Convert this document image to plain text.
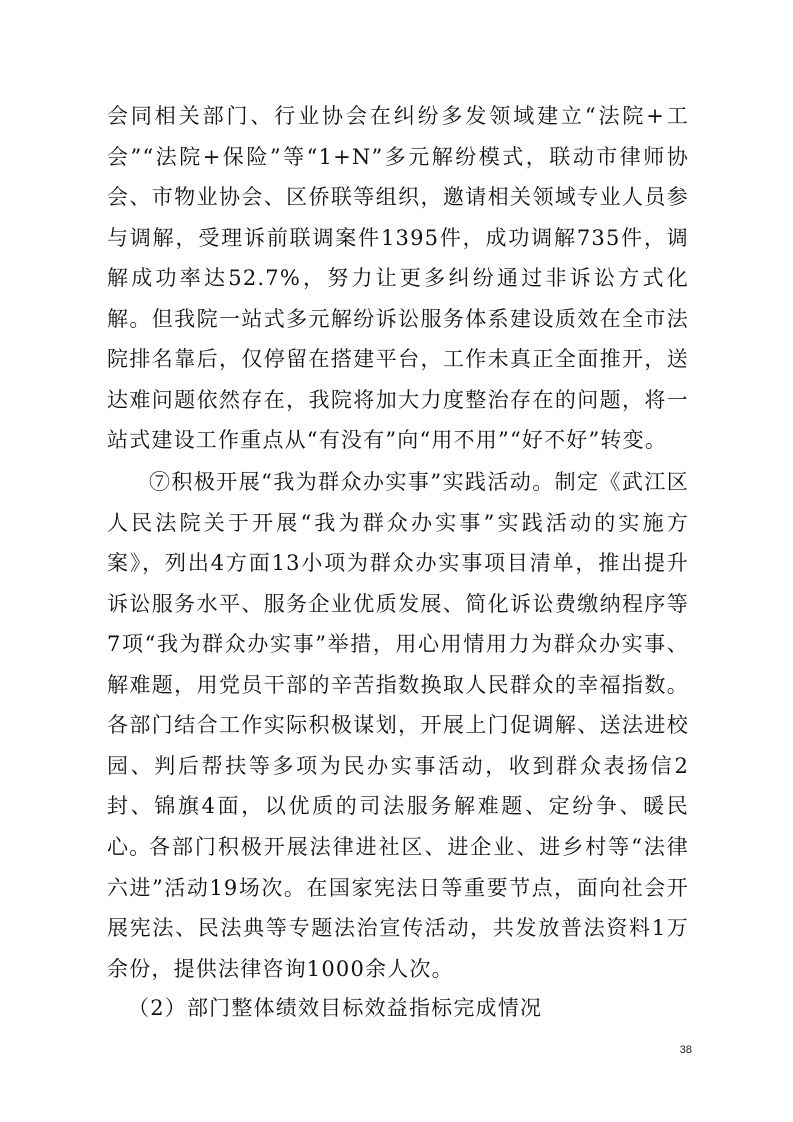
会同相关部门、行业协会在纠纷多发领域建立“法院+工会”“法院+保险”等“1+N”多元解纷模式，联动市律师协会、市物业协会、区侨联等组织，邀请相关领域专业人员参与调解，受理诉前联调案件1395件，成功调解735件，调解成功率达52.7%，努力让更多纠纷通过非诉讼方式化解。但我院一站式多元解纷诉讼服务体系建设质效在全市法院排名靠后，仅停留在搭建平台，工作未真正全面推开，送达难问题依然存在，我院将加大力度整治存在的问题，将一站式建设工作重点从“有没有”向“用不用”“好不好”转变。

⑦积极开展“我为群众办实事”实践活动。制定《武江区人民法院关于开展“我为群众办实事”实践活动的实施方案》，列出4方面13小项为群众办实事项目清单，推出提升诉讼服务水平、服务企业优质发展、简化诉讼费缴纳程序等7项“我为群众办实事”举措，用心用情用力为群众办实事、解难题，用党员干部的辛苦指数换取人民群众的幸福指数。各部门结合工作实际积极谋划，开展上门促调解、送法进校园、判后帮扶等多项为民办实事活动，收到群众表扬信2封、锦旗4面，以优质的司法服务解难题、定纷争、暖民心。

各部门积极开展法律进社区、进企业、进乡村等“法律六进”活动19场次。在国家宪法日等重要节点，面向社会开展宪法、民法典等专题法治宣传活动，共发放普法资料1万余份，提供法律咨询1000余人次。

（2）部门整体绩效目标效益指标完成情况

38
